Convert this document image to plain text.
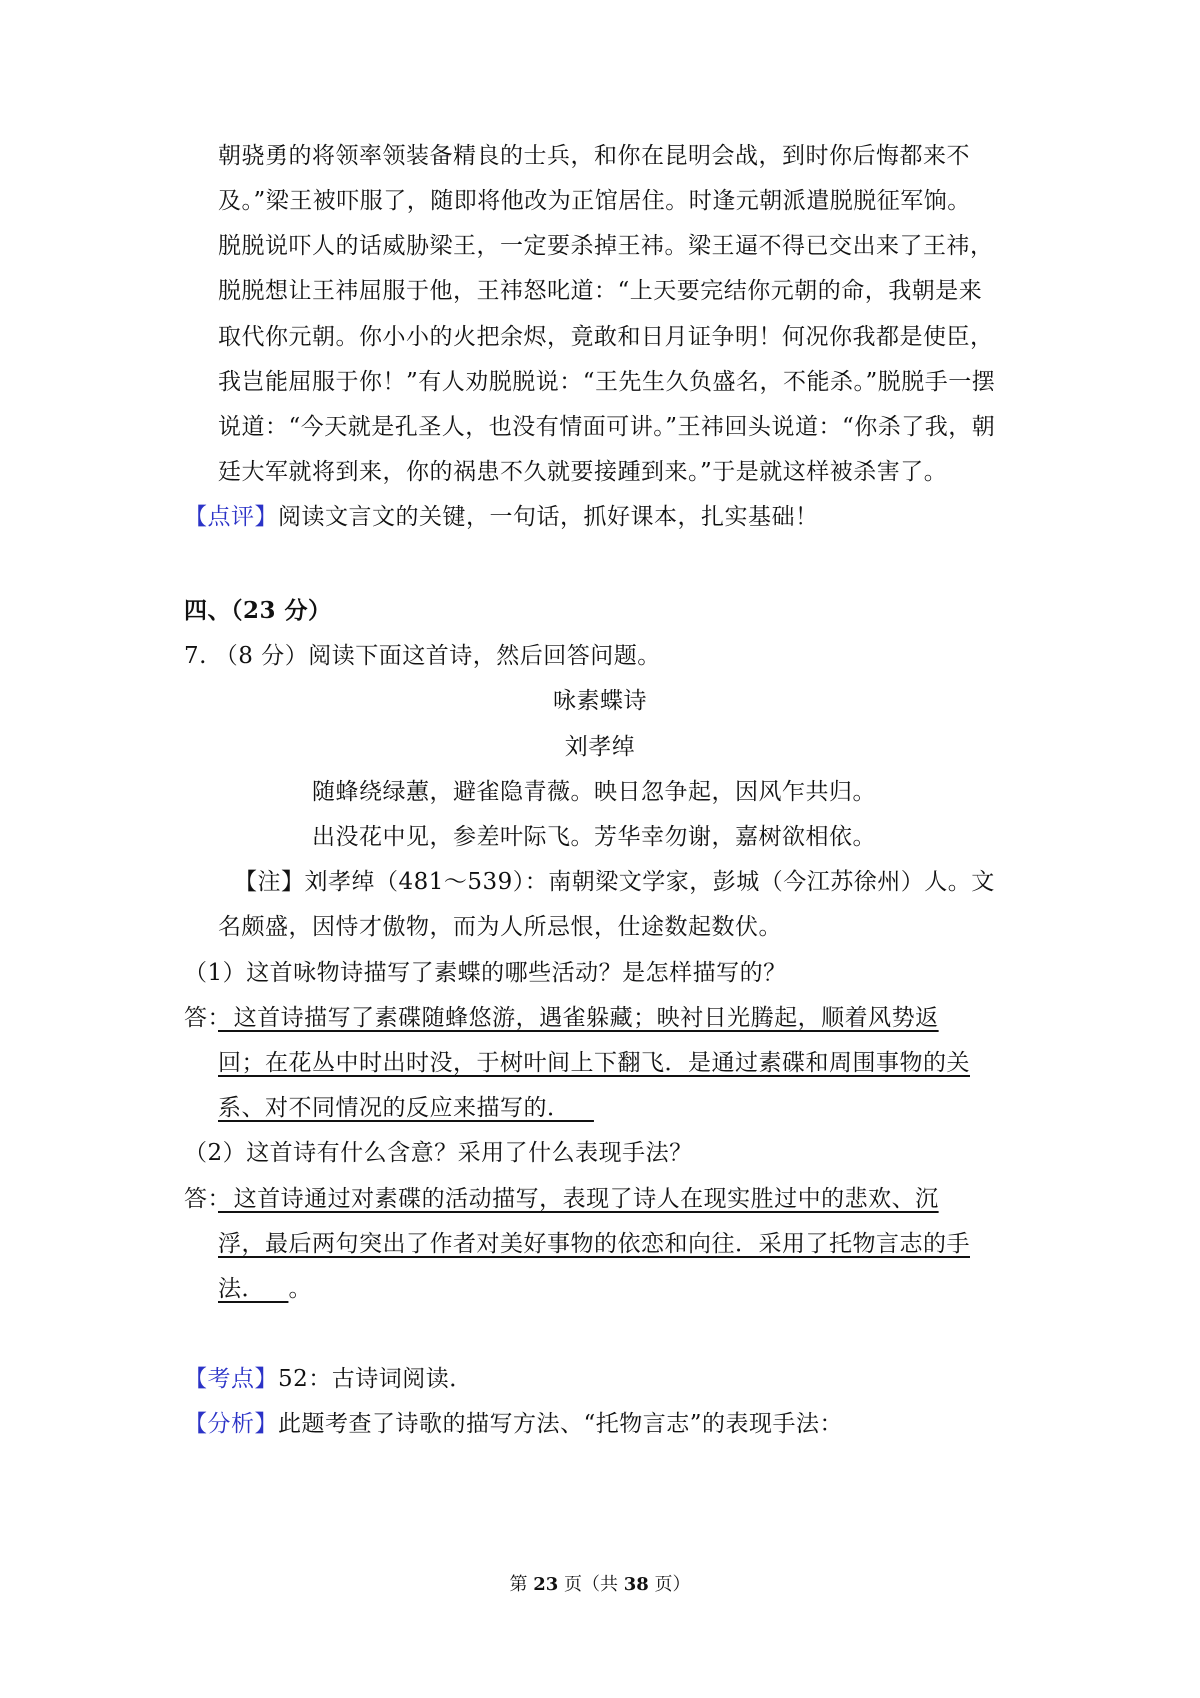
朝骁勇的将领率领装备精良的士兵，和你在昆明会战，到时你后悔都来不
及。”梁王被吓服了，随即将他改为正馆居住。时逢元朝派遣脱脱征军饷。
脱脱说吓人的话威胁梁王，一定要杀掉王祎。梁王逼不得已交出来了王祎，
脱脱想让王祎屈服于他，王祎怒叱道：“上天要完结你元朝的命，我朝是来
取代你元朝。你小小的火把余烬，竟敢和日月证争明！何况你我都是使臣，
我岂能屈服于你！”有人劝脱脱说：“王先生久负盛名，不能杀。”脱脱手一摆
说道：“今天就是孔圣人，也没有情面可讲。”王祎回头说道：“你杀了我，朝
廷大军就将到来，你的祸患不久就要接踵到来。”于是就这样被杀害了。
【点评】阅读文言文的关键，一句话，抓好课本，扎实基础！
四、（23 分）
7. （8 分）阅读下面这首诗，然后回答问题。
咏素蝶诗
刘孝绰
随蜂绕绿蕙，避雀隐青薇。映日忽争起，因风乍共归。
出没花中见，参差叶际飞。芳华幸勿谢，嘉树欲相依。
【注】刘孝绰（481～539）：南朝梁文学家，彭城（今江苏徐州）人。文
名颇盛，因恃才傲物，而为人所忌恨，仕途数起数伏。
（1）这首咏物诗描写了素蝶的哪些活动？是怎样描写的？
答：
这首诗描写了素碟随蜂悠游，遇雀躲藏；映衬日光腾起，顺着风势返
回；在花丛中时出时没，于树叶间上下翻飞．是通过素碟和周围事物的关
系、对不同情况的反应来描写的．
（2）这首诗有什么含意？采用了什么表现手法？
答：
这首诗通过对素碟的活动描写，表现了诗人在现实胜过中的悲欢、沉
浮，最后两句突出了作者对美好事物的依恋和向往．采用了托物言志的手
法．   。
【考点】52：古诗词阅读．
【分析】此题考查了诗歌的描写方法、“托物言志”的表现手法：
第 23 页（共 38 页）
